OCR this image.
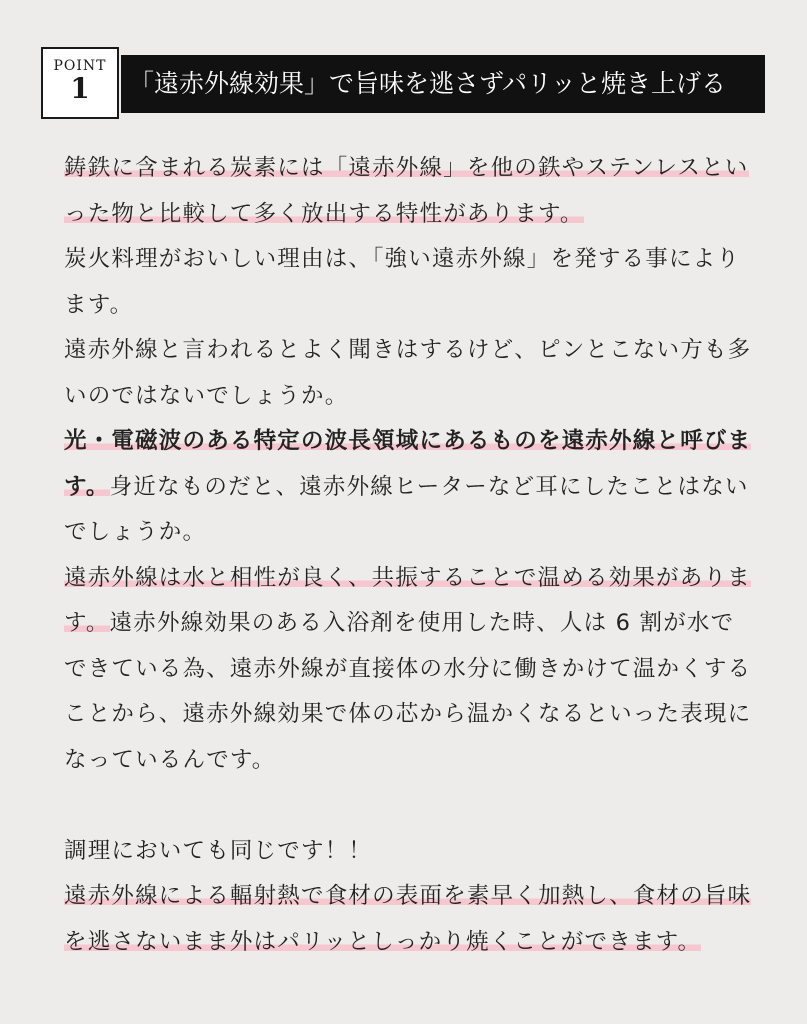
POINT
1	「遠赤外線効果」で旨味を逃さずパリッと焼き上げる

鋳鉄に含まれる炭素には「遠赤外線」を他の鉄やステンレスといった物と比較して多く放出する特性があります。

炭火料理がおいしい理由は、「強い遠赤外線」を発する事によります。

遠赤外線と言われるとよく聞きはするけど、ピンとこない方も多いのではないでしょうか。

光・電磁波のある特定の波長領域にあるものを遠赤外線と呼びます。身近なものだと、遠赤外線ヒーターなど耳にしたことはないでしょうか。

遠赤外線は水と相性が良く、共振することで温める効果があります。遠赤外線効果のある入浴剤を使用した時、人は 6 割が水でできている為、遠赤外線が直接体の水分に働きかけて温かくすることから、遠赤外線効果で体の芯から温かくなるといった表現になっているんです。

調理においても同じです！！

遠赤外線による輻射熱で食材の表面を素早く加熱し、食材の旨味を逃さないまま外はパリッとしっかり焼くことができます。
